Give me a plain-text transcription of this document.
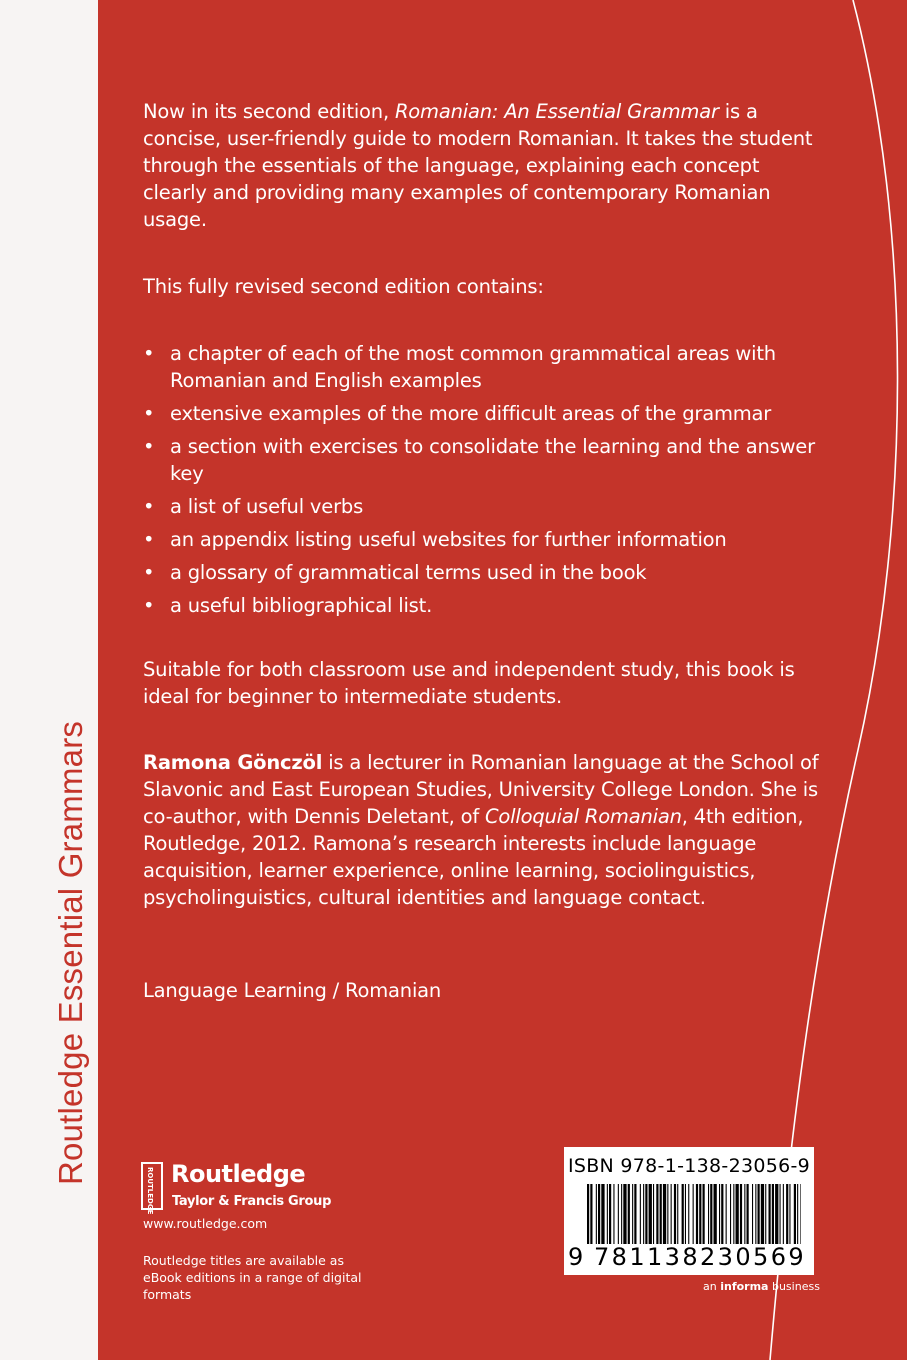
Routledge Essential Grammars

Now in its second edition, Romanian: An Essential Grammar is a concise, user-friendly guide to modern Romanian. It takes the student through the essentials of the language, explaining each concept clearly and providing many examples of contemporary Romanian usage.

This fully revised second edition contains:

• a chapter of each of the most common grammatical areas with Romanian and English examples
• extensive examples of the more difficult areas of the grammar
• a section with exercises to consolidate the learning and the answer key
• a list of useful verbs
• an appendix listing useful websites for further information
• a glossary of grammatical terms used in the book
• a useful bibliographical list.

Suitable for both classroom use and independent study, this book is ideal for beginner to intermediate students.

Ramona Gönczöl is a lecturer in Romanian language at the School of Slavonic and East European Studies, University College London. She is co-author, with Dennis Deletant, of Colloquial Romanian, 4th edition, Routledge, 2012. Ramona’s research interests include language acquisition, learner experience, online learning, sociolinguistics, psycholinguistics, cultural identities and language contact.

Language Learning / Romanian

ROUTLEDGE Routledge
Taylor & Francis Group
www.routledge.com
Routledge titles are available as eBook editions in a range of digital formats
ISBN 978-1-138-23056-9
9 781138230569
an informa business
